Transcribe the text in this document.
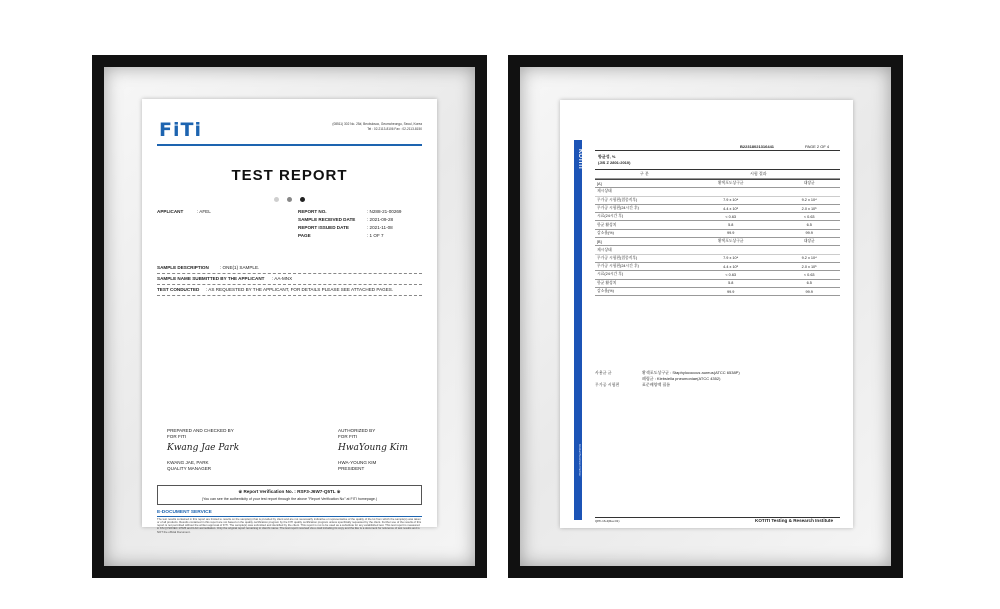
FiTi	(08511) 302 No. 25#, Beobuksoo, Geumcheongu, Seoul, Korea
Tel : 02-2113-8106 Fax : 02-2113-8150
TEST REPORT

APPLICANT	: AFEL	REPORT NO.	: N288-21-00269
SAMPLE RECEIVED DATE	: 2021-09-28
REPORT ISSUED DATE	: 2021-11-08
PAGE	: 1 OF 7
SAMPLE DESCRIPTION : ONE(1) SAMPLE.
SAMPLE NAME SUBMITTED BY THE APPLICANT : AA-MNX
TEST CONDUCTED : AS REQUESTED BY THE APPLICANT, FOR DETAILS PLEASE SEE ATTACHED PAGES.
PREPARED AND CHECKED BY
FOR FITI
Kwang Jae Park
KWANG JAE, PARK
QUALITY MANAGER
AUTHORIZED BY
FOR FITI
HwaYoung Kim
HWA-YOUNG KIM
PRESIDENT
※ Report Verification No. : RSF3-J6W7-Q5TL ※
(You can see the authenticity of your test report through the above "Report Verification No" at FITI homepage.)
E-DOCUMENT SERVICE
The test results contained in this report are limited to results on the sample(s) that is provided by client and are not necessarily indicative or representative of the quality of the lot from which the sample(s) was taken or of all products. Results contained in this report are not based on the quality certification program by the FITI quality certification program unless specifically requested by the client. Further use of the results of this report is not permitted without the written approval of FITI. The sample(s) was submitted and identified by the client. This report is not to be used as a substitute for any established test. This test report is measured in KS Q ISO/IEC 17025 and ILAC accreditation. Only the original report remaining in client's name. The test report received via e-mail including its copy and the like is a document for reference of test results and is NOT the official Document.
KOTITI
Global Business Partner
B22318021316441	PAGE 2 OF 4
항균성, %
(JIS Z 2801:2010)
구 분	시험 결과
[A]	황색포도상구균	대장균
제시상태		
무가공 시험편(접종직후)	7.9 x 10⁴	9.2 x 10⁴
무가공 시험편(24시간 후)	4.4 x 10⁵	2.0 x 10⁵
시료(24시간 후)	< 0.63	< 0.63
항균 활성치	5.8	6.5
감소율(%)	99.9	99.9
[B]	황색포도상구균	대장균
제시상태		
무가공 시험편(접종직후)	7.9 x 10⁴	9.2 x 10⁴
무가공 시험편(24시간 후)	4.4 x 10⁵	2.0 x 10⁵
시료(24시간 후)	< 0.63	< 0.63
항균 활성치	5.8	6.5
감소율(%)	99.9	99.9
사용균 균	황색포도상구균 : Staphylococcus aureus(ATCC 6538P)
폐렴균 : Klebsiella pneumoniae(ATCC 4352)
무가공 시험편	표준배양액 필름
QPF-16-4(Rev.01)	KOTITI Testing & Research Institute
